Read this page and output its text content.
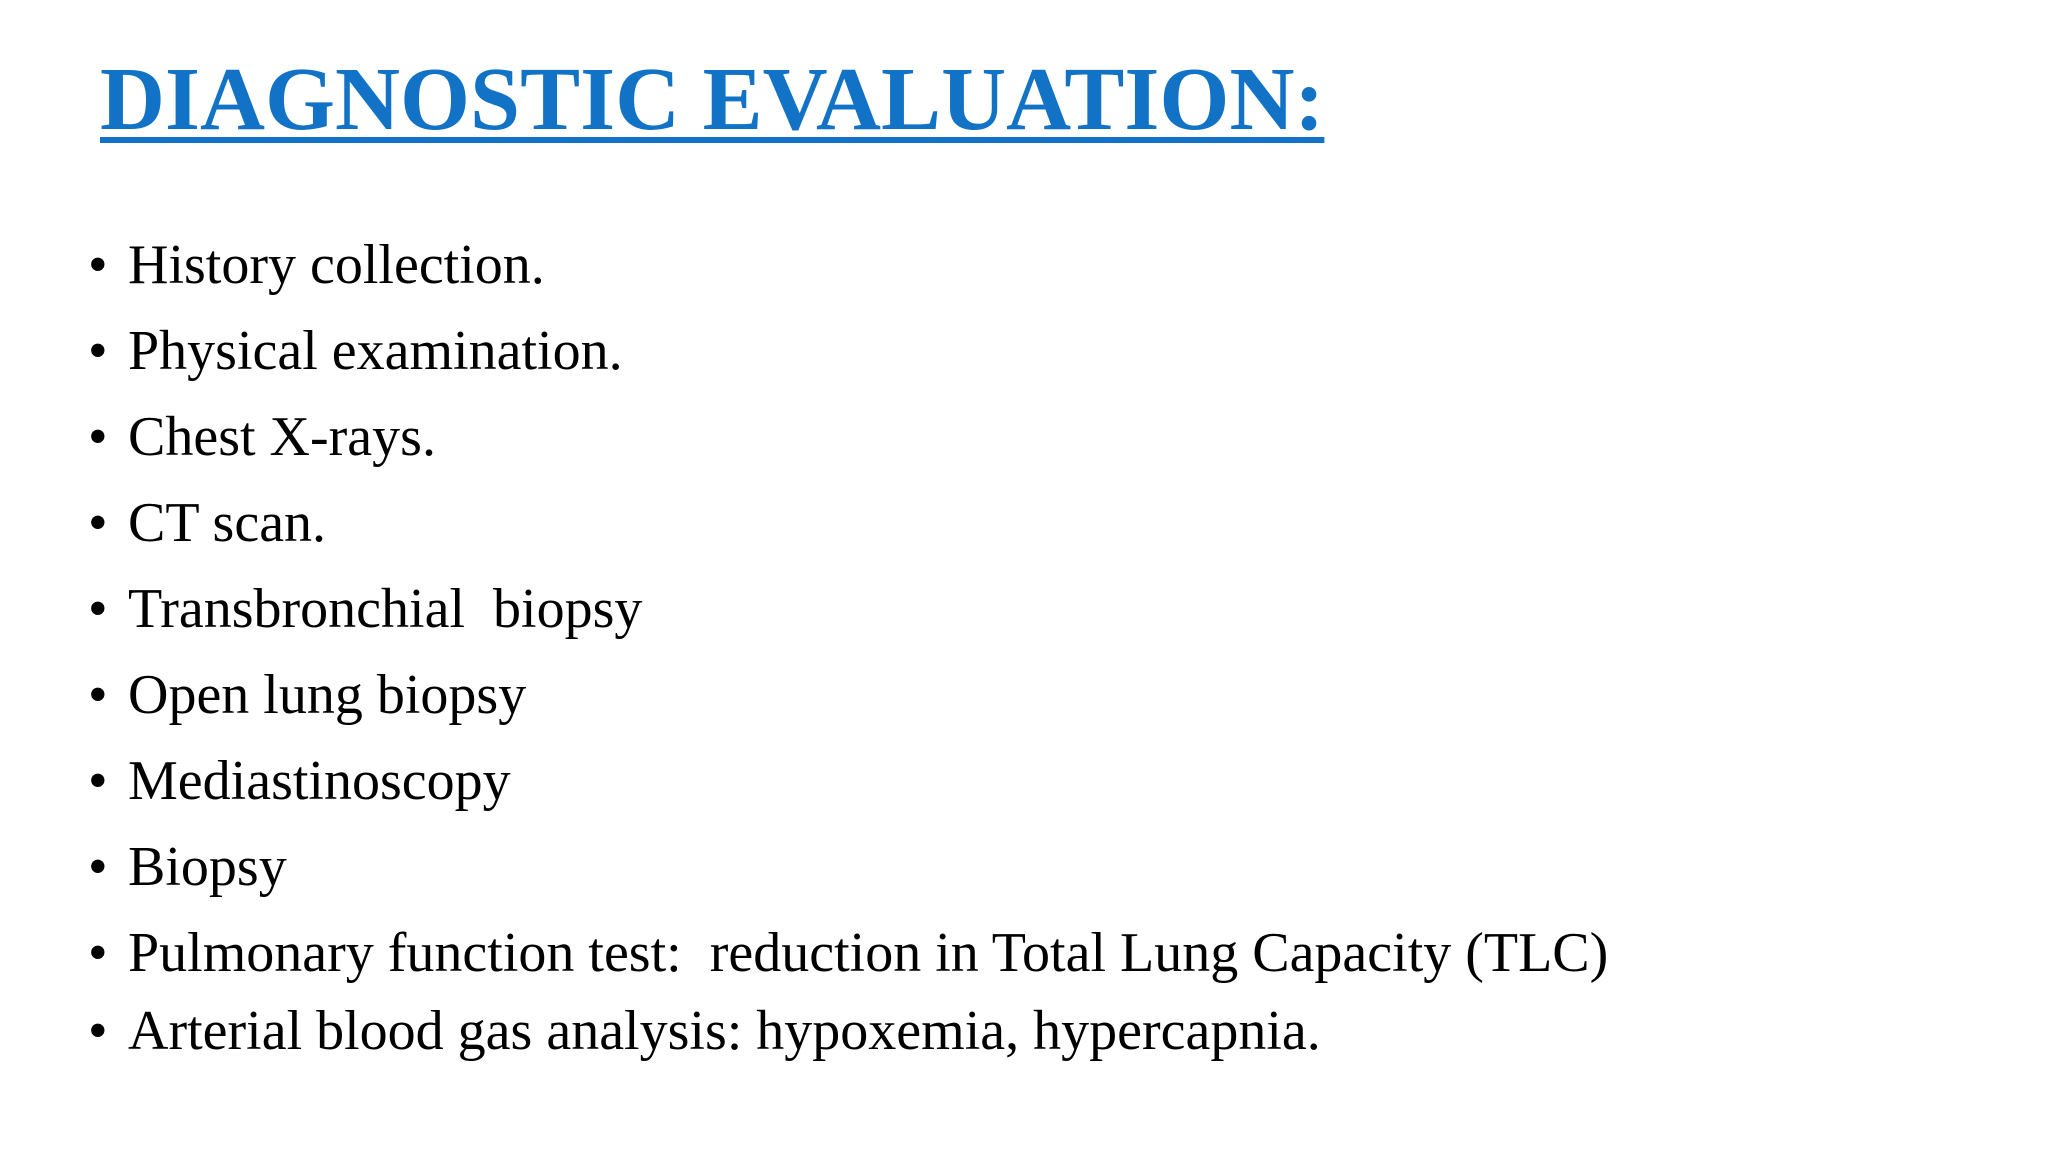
DIAGNOSTIC EVALUATION:
• History collection.
• Physical examination.
• Chest X-rays.
• CT scan.
• Transbronchial  biopsy
• Open lung biopsy
• Mediastinoscopy
• Biopsy
• Pulmonary function test:  reduction in Total Lung Capacity (TLC)
• Arterial blood gas analysis: hypoxemia, hypercapnia.
